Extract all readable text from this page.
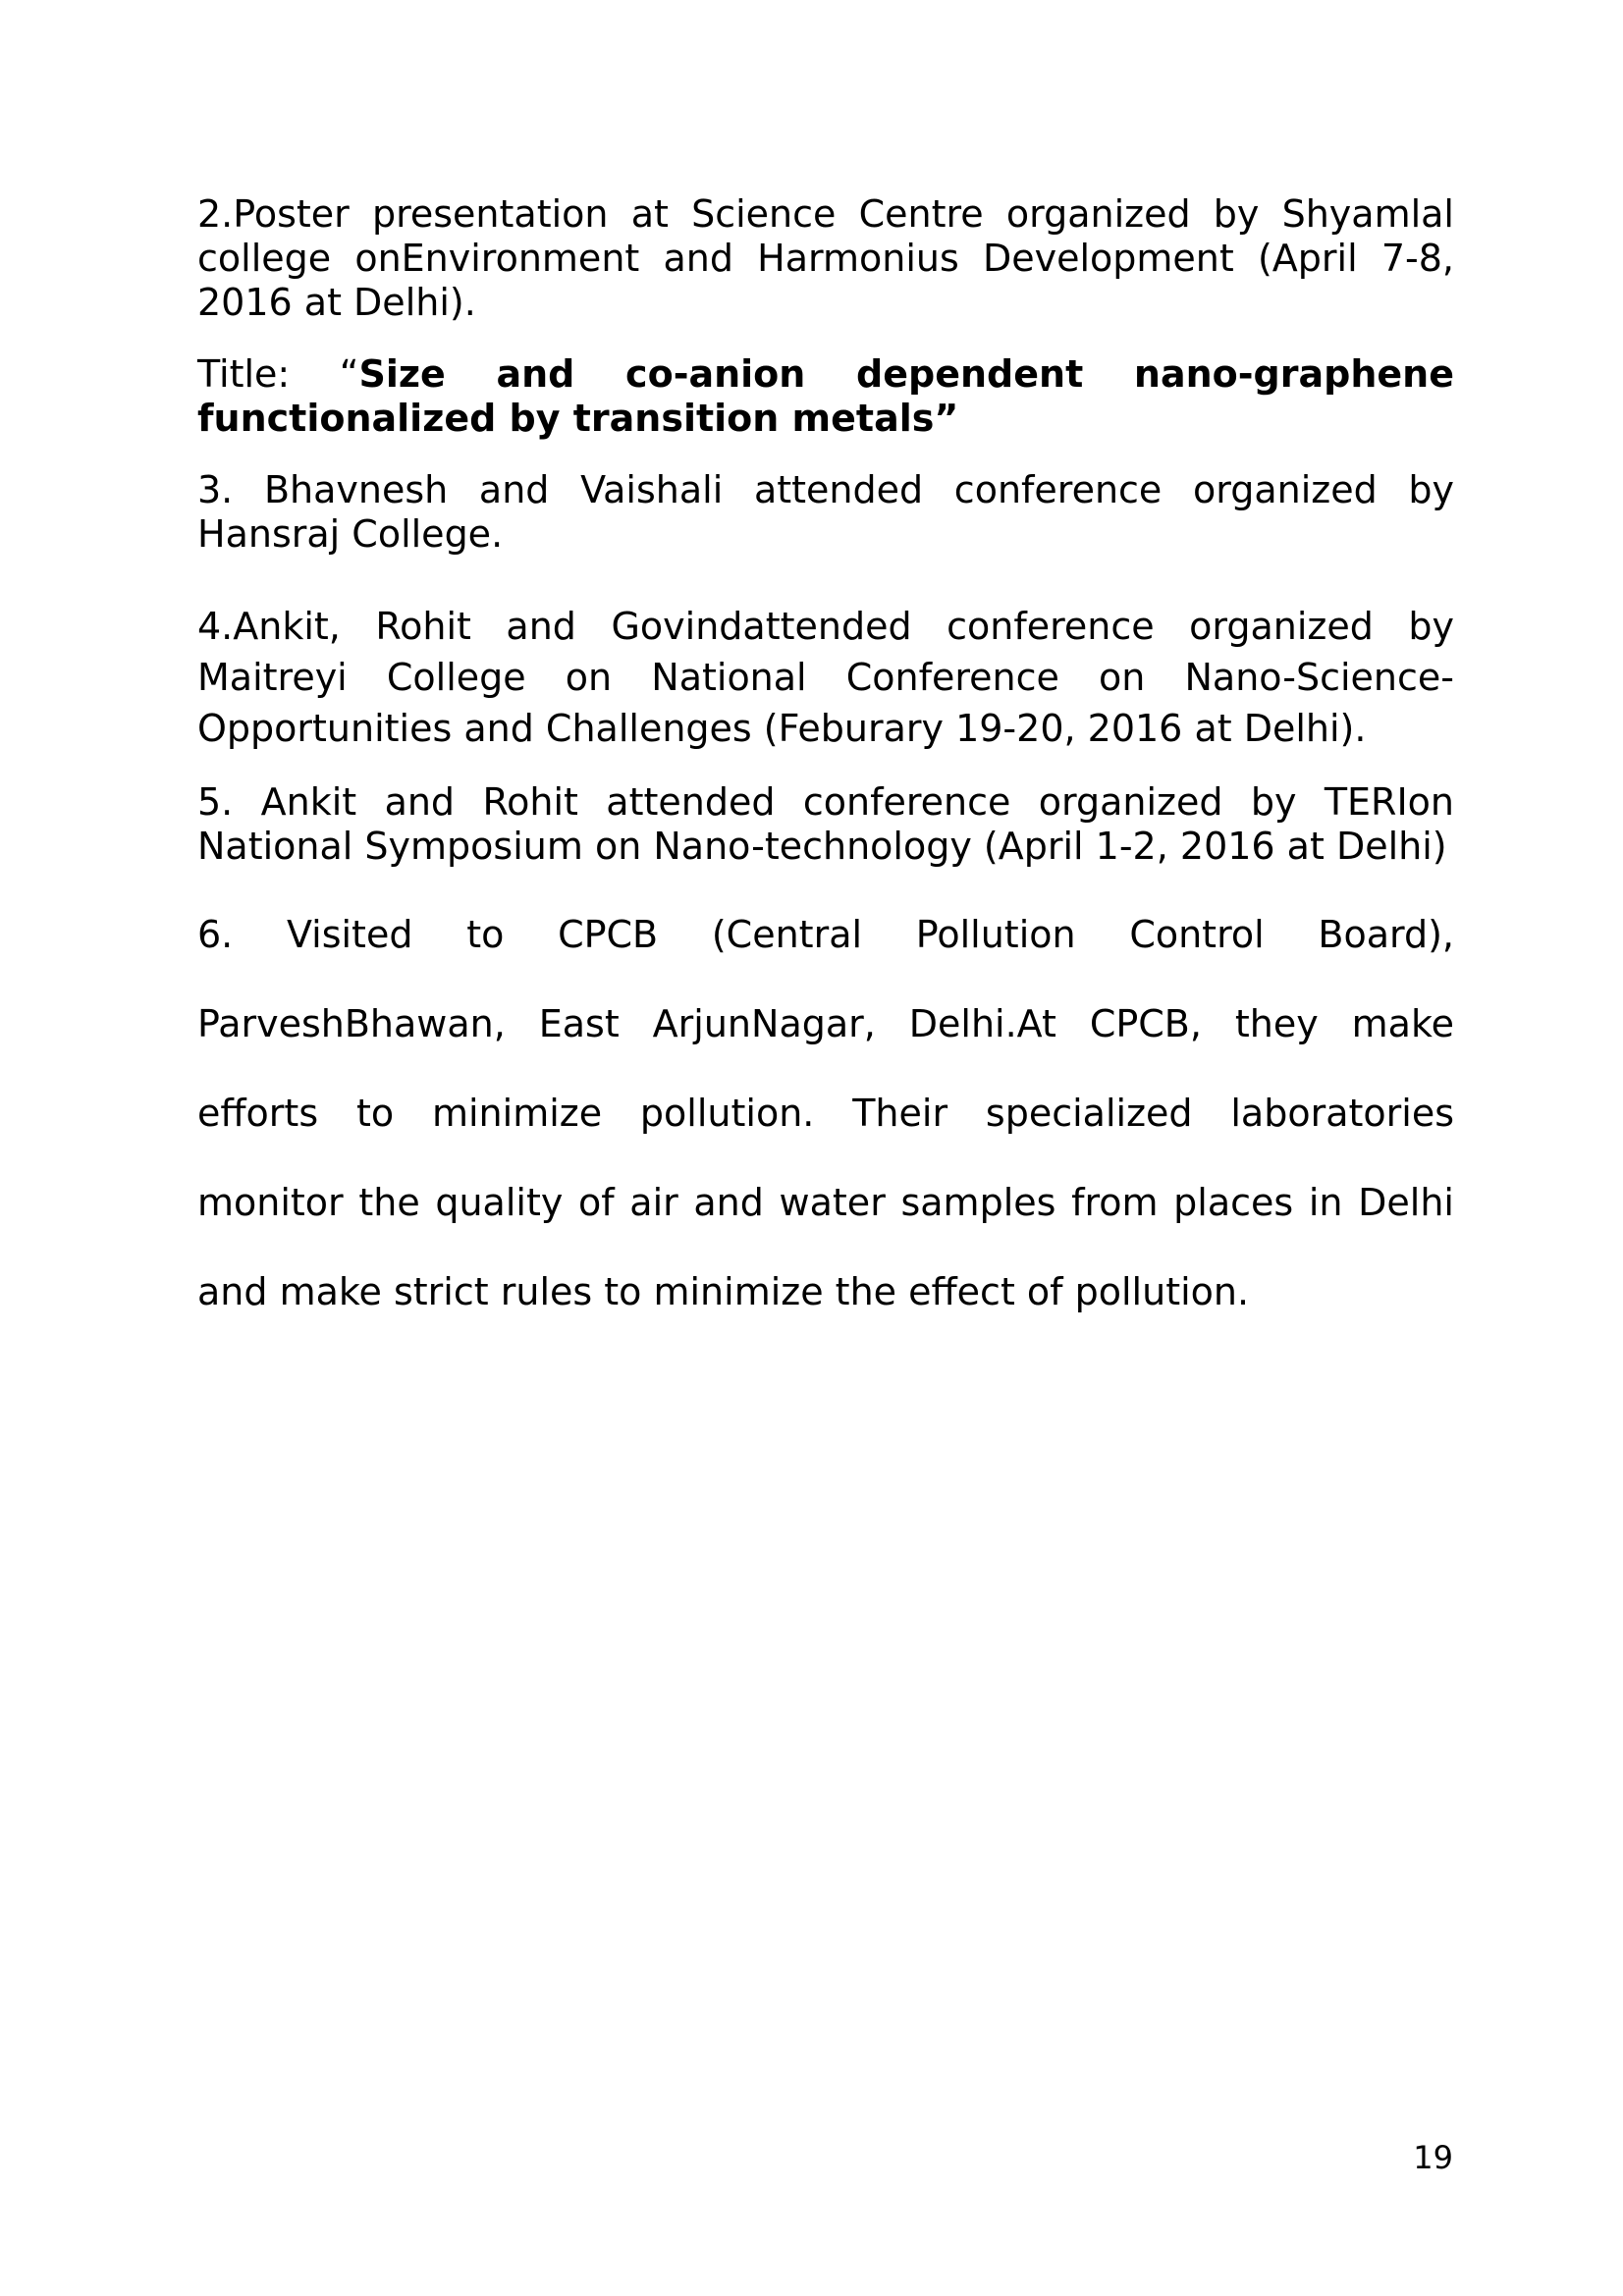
2.Poster presentation at Science Centre organized by Shyamlal college onEnvironment and Harmonius Development (April 7-8, 2016 at Delhi).

Title: “Size and co-anion dependent nano-graphene functionalized by transition metals”

3. Bhavnesh and Vaishali attended conference organized by Hansraj College.

4.Ankit, Rohit and Govindattended conference organized by Maitreyi College on National Conference on Nano-Science-Opportunities and Challenges (Feburary 19-20, 2016 at Delhi).

5. Ankit and Rohit attended conference organized by TERIon National Symposium on Nano-technology (April 1-2, 2016 at Delhi)

6. Visited to CPCB (Central Pollution Control Board), ParveshBhawan, East ArjunNagar, Delhi.At CPCB, they make efforts to minimize pollution. Their specialized laboratories monitor the quality of air and water samples from places in Delhi and make strict rules to minimize the effect of pollution.

19
